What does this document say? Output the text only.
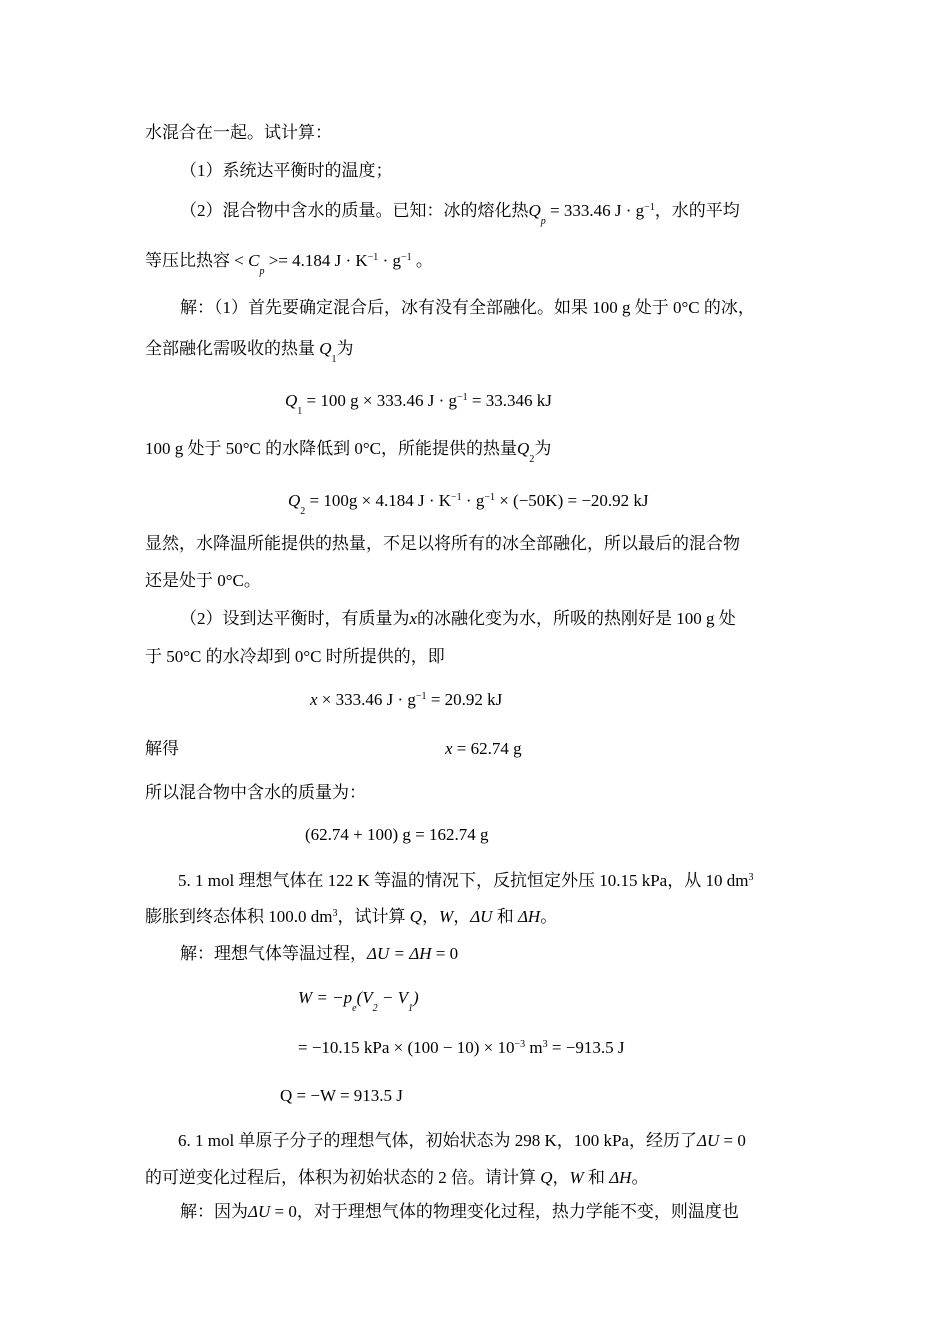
水混合在一起。试计算：
（1）系统达平衡时的温度；
（2）混合物中含水的质量。已知：冰的熔化热$Q_p = 333.46$ $J \cdot g^{-1}$，水的平均
等压比热容 < $C_p >= 4.184$ $J \cdot K^{-1} \cdot g^{-1}$ 。
解：（1）首先要确定混合后，冰有没有全部融化。如果 100 g 处于 0°C 的冰，
全部融化需吸收的热量 $Q_1$为
$Q_1 = 100$ g × 333.46 $J \cdot g^{-1} = 33.346$ kJ
100 g 处于 50°C 的水降低到 0°C，所能提供的热量$Q_2$为
$Q_2 = 100g \times 4.184$ $J \cdot K^{-1} \cdot g^{-1} \times (-50K) = -20.92$ kJ
显然，水降温所能提供的热量，不足以将所有的冰全部融化，所以最后的混合物
还是处于 0°C。
（2）设到达平衡时，有质量为x的冰融化变为水，所吸的热刚好是 100 g 处
于 50°C 的水冷却到 0°C 时所提供的，即
x × 333.46 $J \cdot g^{-1} = 20.92$ kJ
解得	x = 62.74 g
所以混合物中含水的质量为：
(62.74 + 100) g = 162.74 g
5. 1 mol 理想气体在 122 K 等温的情况下，反抗恒定外压 10.15 kPa，从 10 $dm^3$
膨胀到终态体积 100.0 $dm^3$，试计算 Q，W，ΔU 和 ΔH。
解：理想气体等温过程，ΔU = ΔH = 0
$W = -p_e(V_2 - V_1)$
= −10.15 kPa × $(100 - 10) \times 10^{-3}$ $m^3 = -913.5$ J
Q = −W = 913.5 J
6. 1 mol 单原子分子的理想气体，初始状态为 298 K，100 kPa，经历了ΔU = 0
的可逆变化过程后，体积为初始状态的 2 倍。请计算 Q，W 和 ΔH。
解：因为ΔU = 0，对于理想气体的物理变化过程，热力学能不变，则温度也
